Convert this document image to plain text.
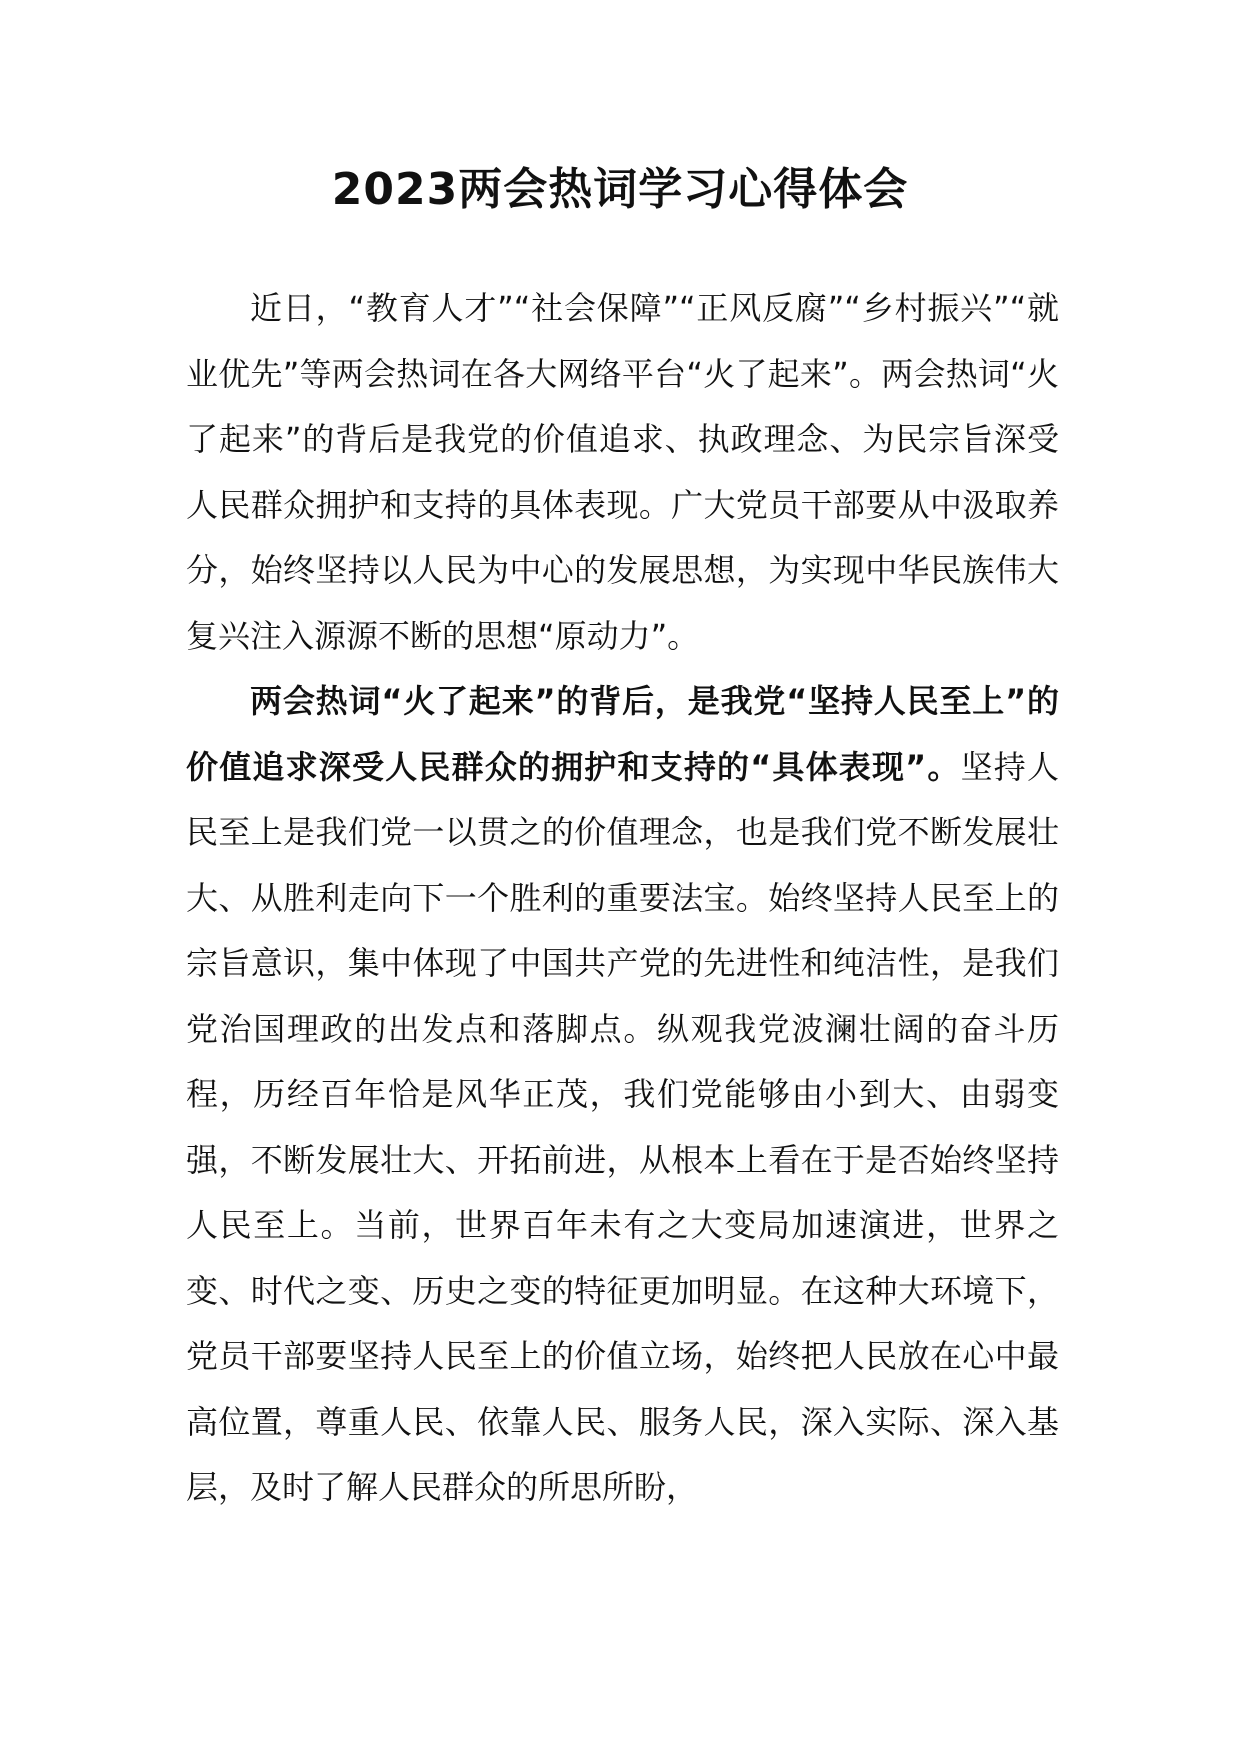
2023两会热词学习心得体会

近日，“教育人才”“社会保障”“正风反腐”“乡村振兴”“就业优先”等两会热词在各大网络平台“火了起来”。两会热词“火了起来”的背后是我党的价值追求、执政理念、为民宗旨深受人民群众拥护和支持的具体表现。广大党员干部要从中汲取养分，始终坚持以人民为中心的发展思想，为实现中华民族伟大复兴注入源源不断的思想“原动力”。

两会热词“火了起来”的背后，是我党“坚持人民至上”的价值追求深受人民群众的拥护和支持的“具体表现”。坚持人民至上是我们党一以贯之的价值理念，也是我们党不断发展壮大、从胜利走向下一个胜利的重要法宝。始终坚持人民至上的宗旨意识，集中体现了中国共产党的先进性和纯洁性，是我们党治国理政的出发点和落脚点。纵观我党波澜壮阔的奋斗历程，历经百年恰是风华正茂，我们党能够由小到大、由弱变强，不断发展壮大、开拓前进，从根本上看在于是否始终坚持人民至上。当前，世界百年未有之大变局加速演进，世界之变、时代之变、历史之变的特征更加明显。在这种大环境下，党员干部要坚持人民至上的价值立场，始终把人民放在心中最高位置，尊重人民、依靠人民、服务人民，深入实际、深入基层，及时了解人民群众的所思所盼，
